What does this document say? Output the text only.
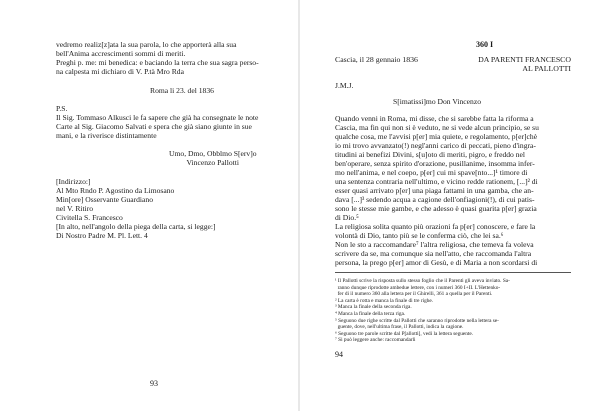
vedremo realiz[z]ata la sua parola, lo che apporterà alla sua
bell'Anima accrescimenti sommi di meriti.
Preghi p. me: mi benedica: e baciando la terra che sua sagra perso-
na calpesta mi dichiaro di V. P.tà Mro Rda

Roma li 23. del 1836

P.S.
Il Sig. Tommaso Alkusci le fa sapere che già ha consegnate le note
Carte al Sig. Giacomo Salvati e spera che già siano giunte in sue
mani, e la riverisce distintamente

Umo, Dmo, Obblmo S[erv]o
Vincenzo Pallotti

[Indirizzo:]
Al Mto Rndo P. Agostino da Limosano
Min[ore] Osservante Guardiano
nel V. Ritiro
Civitella S. Francesco
[In alto, nell'angolo della piega della carta, si legge:]
Di Nostro Padre M. Pl. Lett. 4

93
360 I
Cascia, il 28 gennaio 1836	DA PARENTI FRANCESCO
AL PALLOTTI

J.M.J.

S[imatissi]mo Don Vincenzo

Quando venni in Roma, mi disse, che si sarebbe fatta la riforma a
Cascia, ma fin qui non si è veduto, ne si vede alcun principio, se su
qualche cosa, me l'avvisi p[er] mia quiete, e regolamento, p[er]chè
io mi trovo avvanzato(!) negl'anni carico di peccati, pieno d'ingra-
titudini ai benefizi Divini, s[u]oto di meriti, pigro, e freddo nel
ben'operare, senza spirito d'orazione, pusillanime, insomma infer-
mo nell'anima, e nel coepo, p[er] cui mi spave[nto...]¹ timore di
una sentenza contraria nell'ultimo, e vicino redde rationem, [...]² di
esser quasi arrivato p[er] una piaga fattami in una gamba, che an-
dava [...]³ sedendo acqua a cagione dell'onfiagioni(!), di cui patis-
sono le stesse mie gambe, e che adesso è quasi guarita p[er] grazia
di Dio.⁵
La religiosa solita quanto più orazioni fa p[er] conoscere, e fare la
volontà di Dio, tanto più se le conferma ciò, che lei sa.⁶
Non le sto a raccomandare⁷ l'altra religiosa, che temeva fa voleva
scrivere da se, ma comunque sia nell'atto, che raccomanda l'altra
persona, la prego p[er] amor di Gesù, e di Maria a non scordarsi di

¹ Il Pallotti scrive la risposta sullo stesso foglio che il Parenti gli aveva inviato. Sa-
ranno dunque riprodotte ambedue lettere, con i numeri 360 I+II. L'Hettenko-
fer di il numero 360 alla lettera per il Ghirelli, 361 a quella per il Parenti.
² La carta è rotta e manca la finale di tre righe.
³ Manca la finale della seconda riga.
⁴ Manca la finale della terza riga.
⁵ Seguono due righe scritte dal Pallotti che saranno riprodotte nella lettera se-
guente, dove, nell'ultima frase, il Pallotti, indica la cagione.
⁶ Seguono tre parole scritte dal P[allotti], vedi la lettera seguente.
⁷ Si può leggere anche: raccomandarli

94
